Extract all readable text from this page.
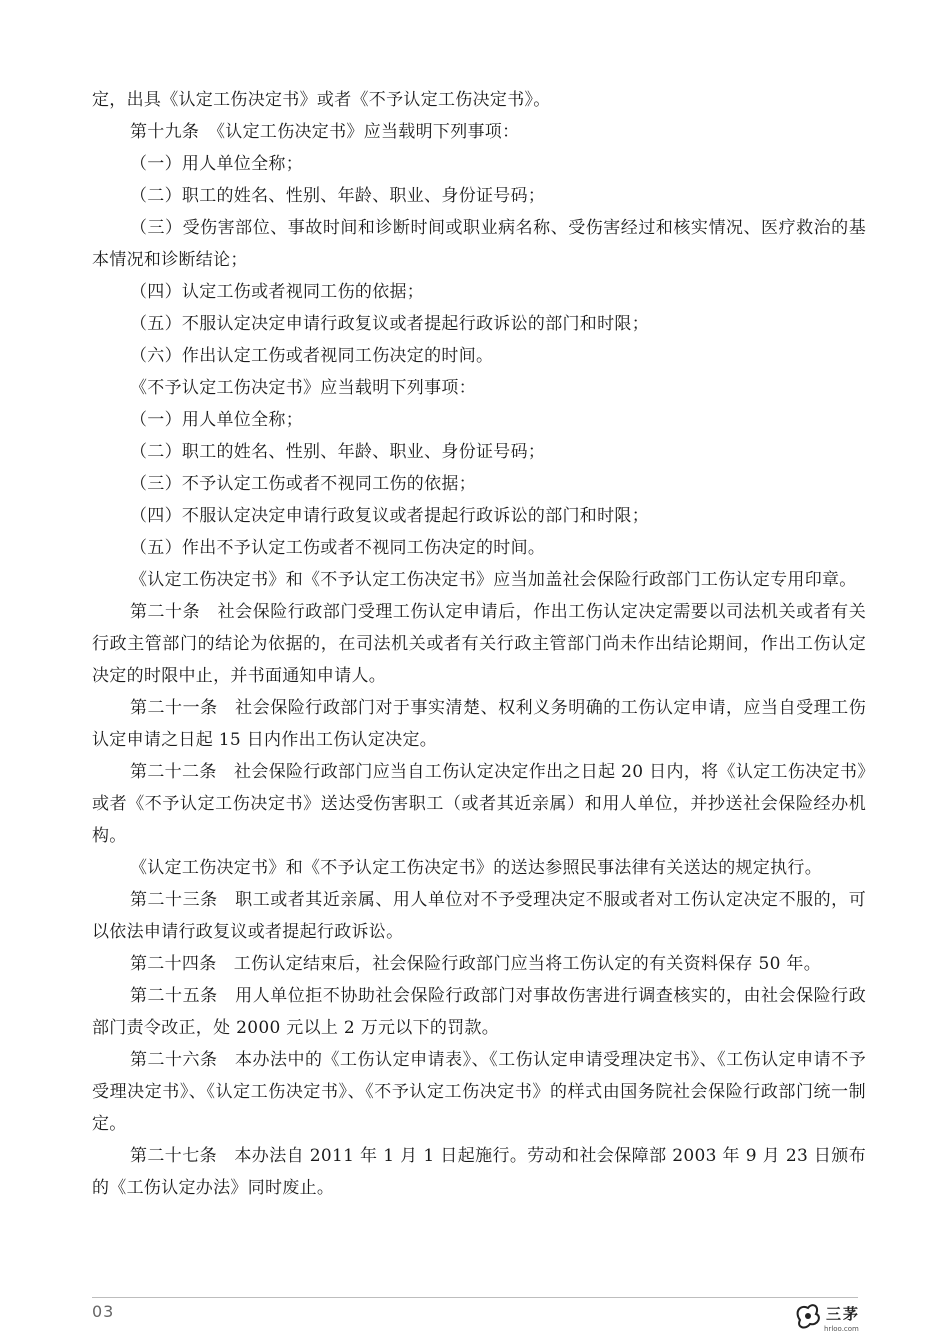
定，出具《认定工伤决定书》或者《不予认定工伤决定书》。

第十九条　《认定工伤决定书》应当载明下列事项：

（一）用人单位全称；

（二）职工的姓名、性别、年龄、职业、身份证号码；

（三）受伤害部位、事故时间和诊断时间或职业病名称、受伤害经过和核实情况、医疗救治的基本情况和诊断结论；

（四）认定工伤或者视同工伤的依据；

（五）不服认定决定申请行政复议或者提起行政诉讼的部门和时限；

（六）作出认定工伤或者视同工伤决定的时间。

《不予认定工伤决定书》应当载明下列事项：

（一）用人单位全称；

（二）职工的姓名、性别、年龄、职业、身份证号码；

（三）不予认定工伤或者不视同工伤的依据；

（四）不服认定决定申请行政复议或者提起行政诉讼的部门和时限；

（五）作出不予认定工伤或者不视同工伤决定的时间。

《认定工伤决定书》和《不予认定工伤决定书》应当加盖社会保险行政部门工伤认定专用印章。

第二十条　社会保险行政部门受理工伤认定申请后，作出工伤认定决定需要以司法机关或者有关行政主管部门的结论为依据的，在司法机关或者有关行政主管部门尚未作出结论期间，作出工伤认定决定的时限中止，并书面通知申请人。

第二十一条　社会保险行政部门对于事实清楚、权利义务明确的工伤认定申请，应当自受理工伤认定申请之日起 15 日内作出工伤认定决定。

第二十二条　社会保险行政部门应当自工伤认定决定作出之日起 20 日内，将《认定工伤决定书》或者《不予认定工伤决定书》送达受伤害职工（或者其近亲属）和用人单位，并抄送社会保险经办机构。

《认定工伤决定书》和《不予认定工伤决定书》的送达参照民事法律有关送达的规定执行。

第二十三条　职工或者其近亲属、用人单位对不予受理决定不服或者对工伤认定决定不服的，可以依法申请行政复议或者提起行政诉讼。

第二十四条　工伤认定结束后，社会保险行政部门应当将工伤认定的有关资料保存 50 年。

第二十五条　用人单位拒不协助社会保险行政部门对事故伤害进行调查核实的，由社会保险行政部门责令改正，处 2000 元以上 2 万元以下的罚款。

第二十六条　本办法中的《工伤认定申请表》、《工伤认定申请受理决定书》、《工伤认定申请不予受理决定书》、《认定工伤决定书》、《不予认定工伤决定书》的样式由国务院社会保险行政部门统一制定。

第二十七条　本办法自 2011 年 1 月 1 日起施行。劳动和社会保障部 2003 年 9 月 23 日颁布的《工伤认定办法》同时废止。

03	三茅
hrloo.com
